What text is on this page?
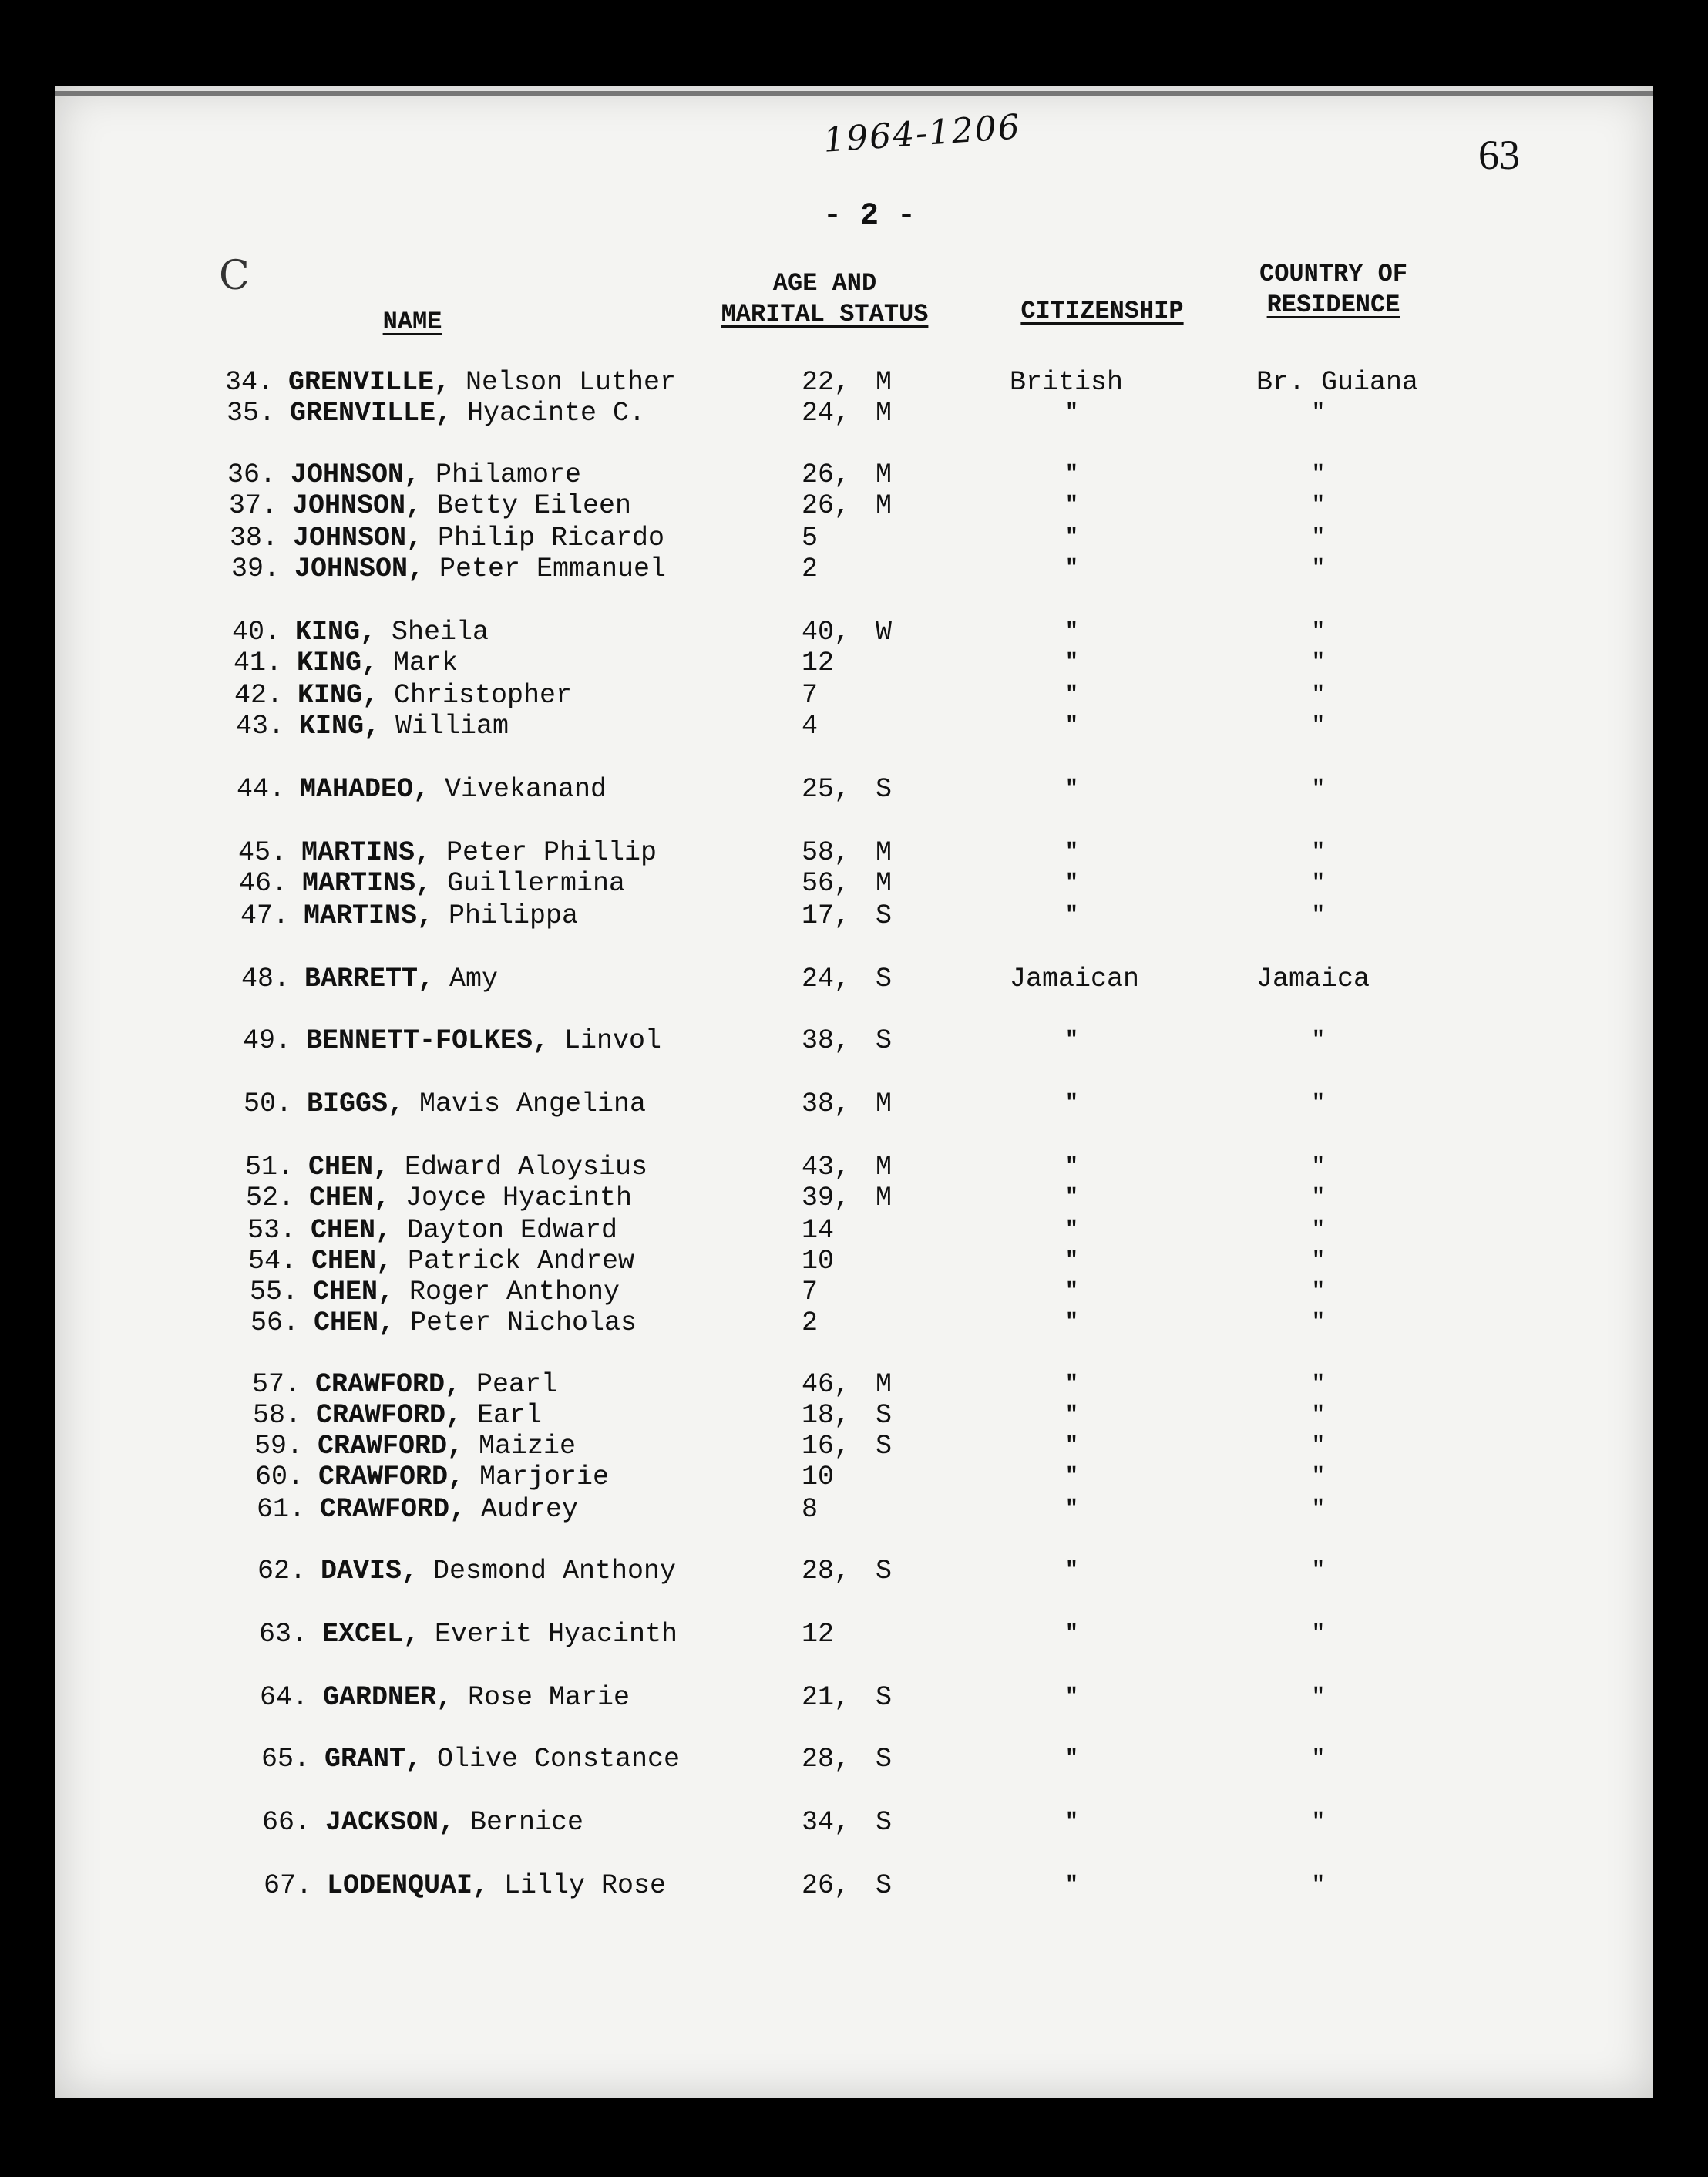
1964-1206	63
- 2 -
C
NAME
AGE AND
MARITAL STATUS	CITIZENSHIP
COUNTRY OF
RESIDENCE
34. GRENVILLE, Nelson Luther	22, M	British	Br. Guiana
35. GRENVILLE, Hyacinte C.	24, M	"	"
36. JOHNSON, Philamore	26, M	"	"
37. JOHNSON, Betty Eileen	26, M	"	"
38. JOHNSON, Philip Ricardo	5	"	"
39. JOHNSON, Peter Emmanuel	2	"	"
40. KING, Sheila	40, W	"	"
41. KING, Mark	12	"	"
42. KING, Christopher	7	"	"
43. KING, William	4	"	"
44. MAHADEO, Vivekanand	25, S	"	"
45. MARTINS, Peter Phillip	58, M	"	"
46. MARTINS, Guillermina	56, M	"	"
47. MARTINS, Philippa	17, S	"	"
48. BARRETT, Amy	24, S	Jamaican	Jamaica
49. BENNETT-FOLKES, Linvol	38, S	"	"
50. BIGGS, Mavis Angelina	38, M	"	"
51. CHEN, Edward Aloysius	43, M	"	"
52. CHEN, Joyce Hyacinth	39, M	"	"
53. CHEN, Dayton Edward	14	"	"
54. CHEN, Patrick Andrew	10	"	"
55. CHEN, Roger Anthony	7	"	"
56. CHEN, Peter Nicholas	2	"	"
57. CRAWFORD, Pearl	46, M	"	"
58. CRAWFORD, Earl	18, S	"	"
59. CRAWFORD, Maizie	16, S	"	"
60. CRAWFORD, Marjorie	10	"	"
61. CRAWFORD, Audrey	8	"	"
62. DAVIS, Desmond Anthony	28, S	"	"
63. EXCEL, Everit Hyacinth	12	"	"
64. GARDNER, Rose Marie	21, S	"	"
65. GRANT, Olive Constance	28, S	"	"
66. JACKSON, Bernice	34, S	"	"
67. LODENQUAI, Lilly Rose	26, S	"	"
